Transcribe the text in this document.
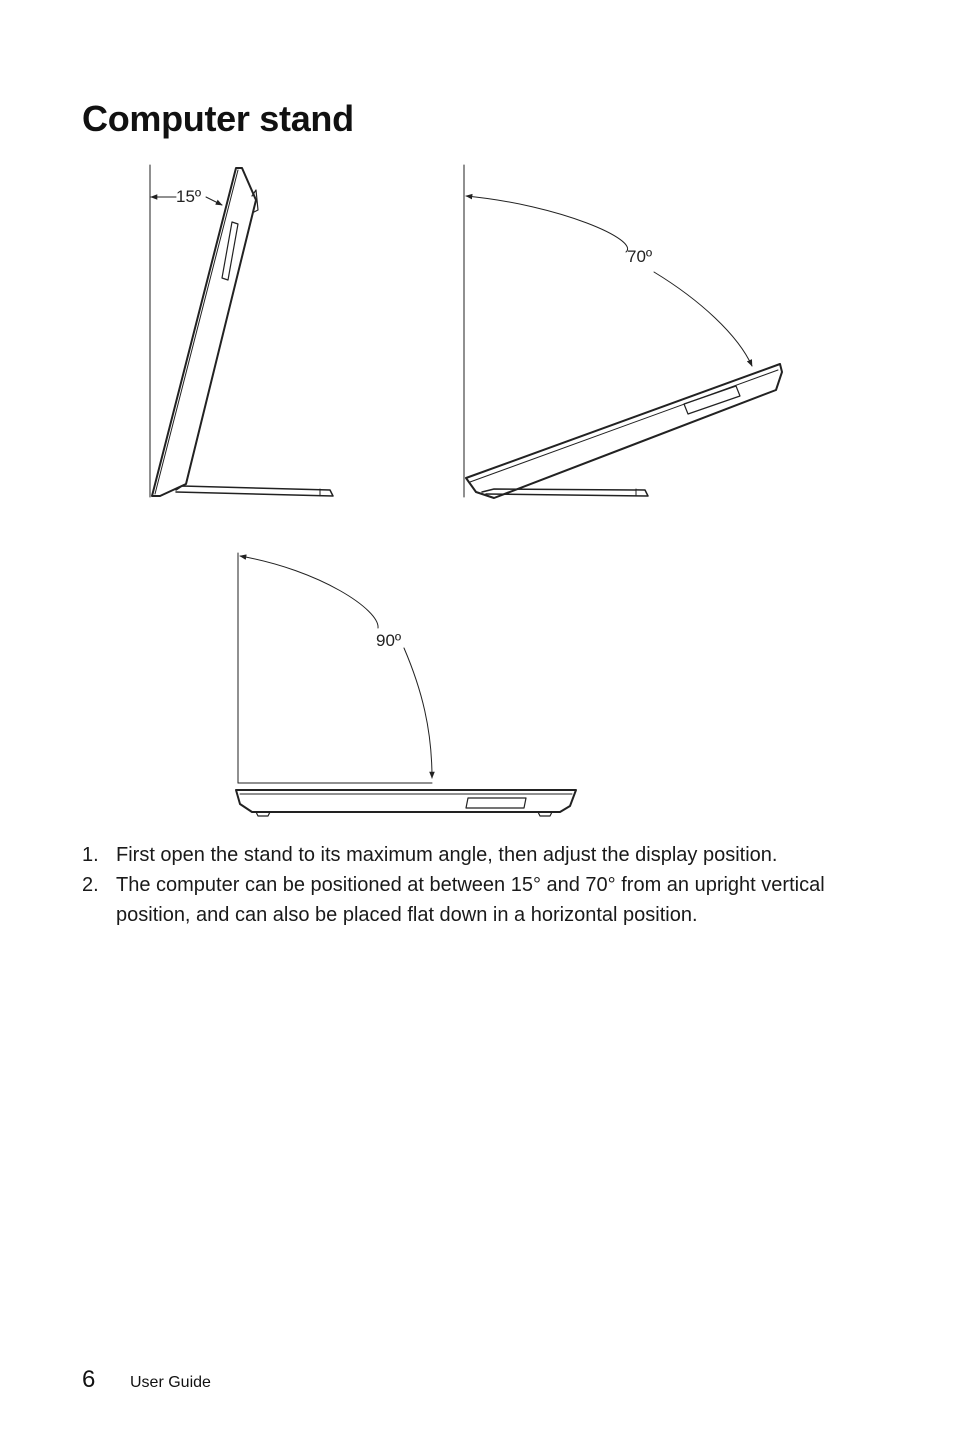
Computer stand
15º
70º
90º
1. First open the stand to its maximum angle, then adjust the display position.
2. The computer can be positioned at between 15° and 70° from an upright vertical position, and can also be placed flat down in a horizontal position.
6 User Guide
